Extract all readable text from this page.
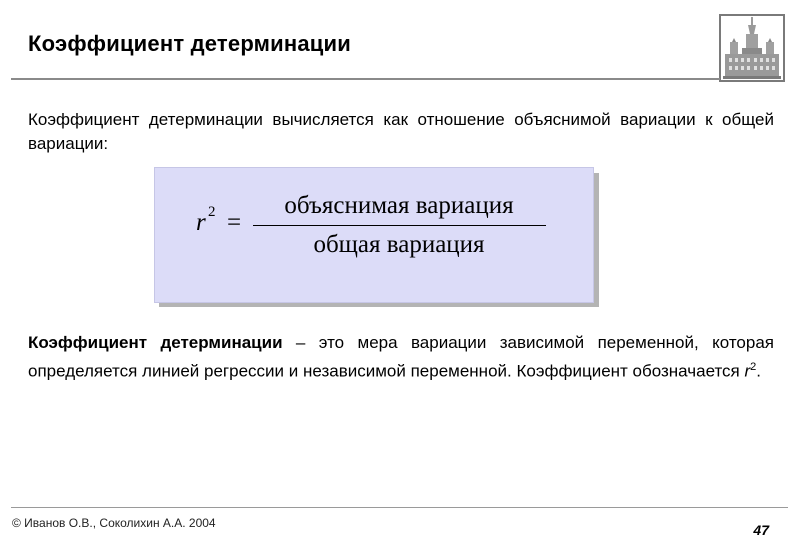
Коэффициент детерминации
Коэффициент детерминации вычисляется как отношение объяснимой вариации к общей вариации:
r 2 =
объяснимая вариация
общая вариация
Коэффициент детерминации – это мера вариации зависимой переменной, которая определяется линией регрессии и независимой переменной. Коэффициент обозначается $r^2$.
© Иванов О.В., Соколихин А.А. 2004	47
